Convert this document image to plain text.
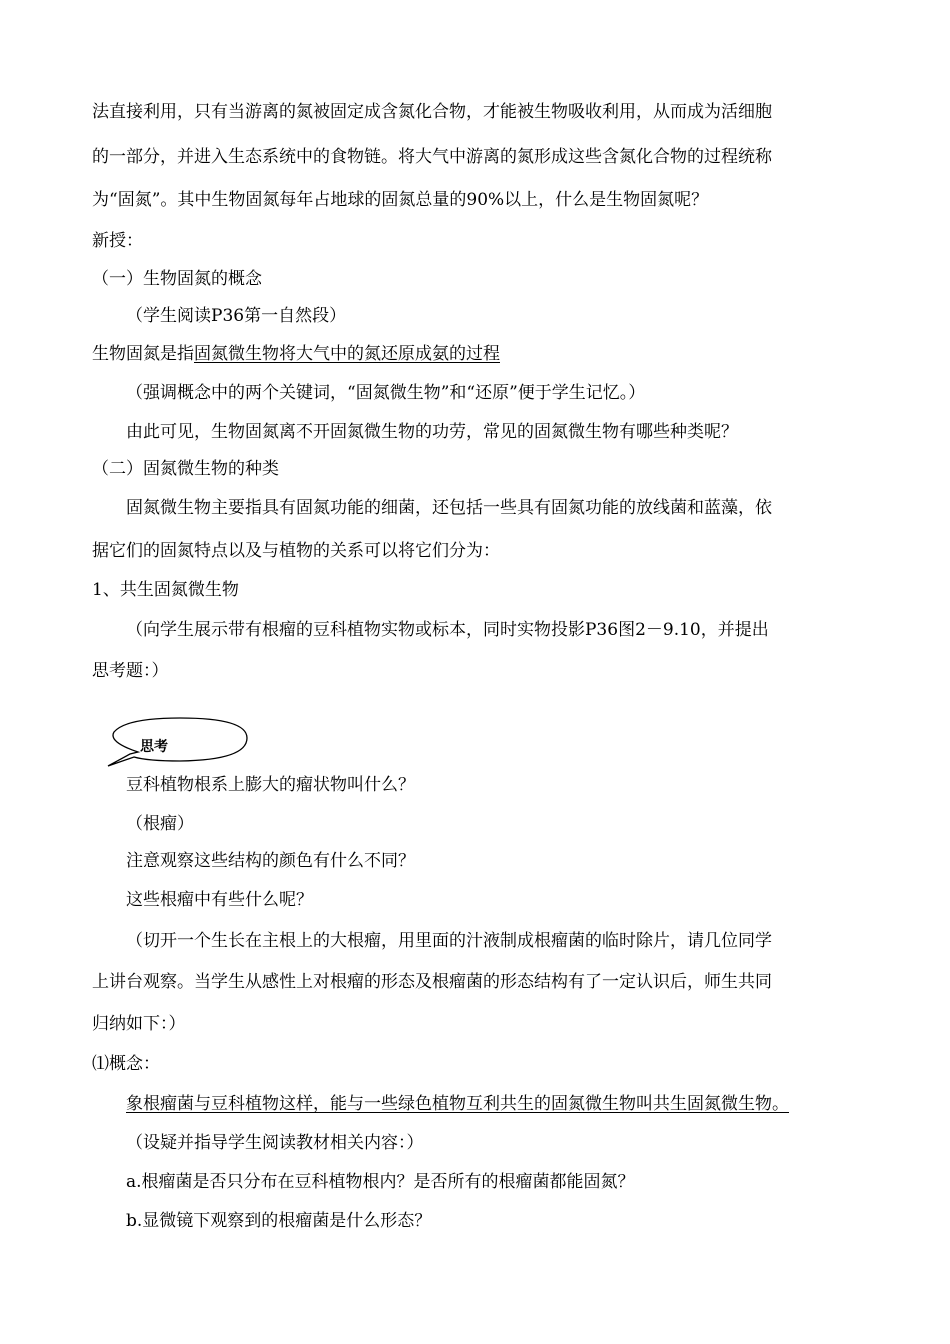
法直接利用，只有当游离的氮被固定成含氮化合物，才能被生物吸收利用，从而成为活细胞
的一部分，并进入生态系统中的食物链。将大气中游离的氮形成这些含氮化合物的过程统称
为“固氮”。其中生物固氮每年占地球的固氮总量的90%以上，什么是生物固氮呢？
新授：
（一）生物固氮的概念
（学生阅读P36第一自然段）
生物固氮是指固氮微生物将大气中的氮还原成氨的过程
（强调概念中的两个关键词，“固氮微生物”和“还原”便于学生记忆。）
由此可见，生物固氮离不开固氮微生物的功劳，常见的固氮微生物有哪些种类呢？
（二）固氮微生物的种类
固氮微生物主要指具有固氮功能的细菌，还包括一些具有固氮功能的放线菌和蓝藻，依
据它们的固氮特点以及与植物的关系可以将它们分为：
1、共生固氮微生物
（向学生展示带有根瘤的豆科植物实物或标本，同时实物投影P36图2－9.10，并提出
思考题：）
思考
豆科植物根系上膨大的瘤状物叫什么？
（根瘤）
注意观察这些结构的颜色有什么不同？
这些根瘤中有些什么呢？
（切开一个生长在主根上的大根瘤，用里面的汁液制成根瘤菌的临时除片，请几位同学
上讲台观察。当学生从感性上对根瘤的形态及根瘤菌的形态结构有了一定认识后，师生共同
归纳如下：）
⑴概念：
象根瘤菌与豆科植物这样，能与一些绿色植物互利共生的固氮微生物叫共生固氮微生物。
（设疑并指导学生阅读教材相关内容：）
a.根瘤菌是否只分布在豆科植物根内？是否所有的根瘤菌都能固氮？
b.显微镜下观察到的根瘤菌是什么形态？
